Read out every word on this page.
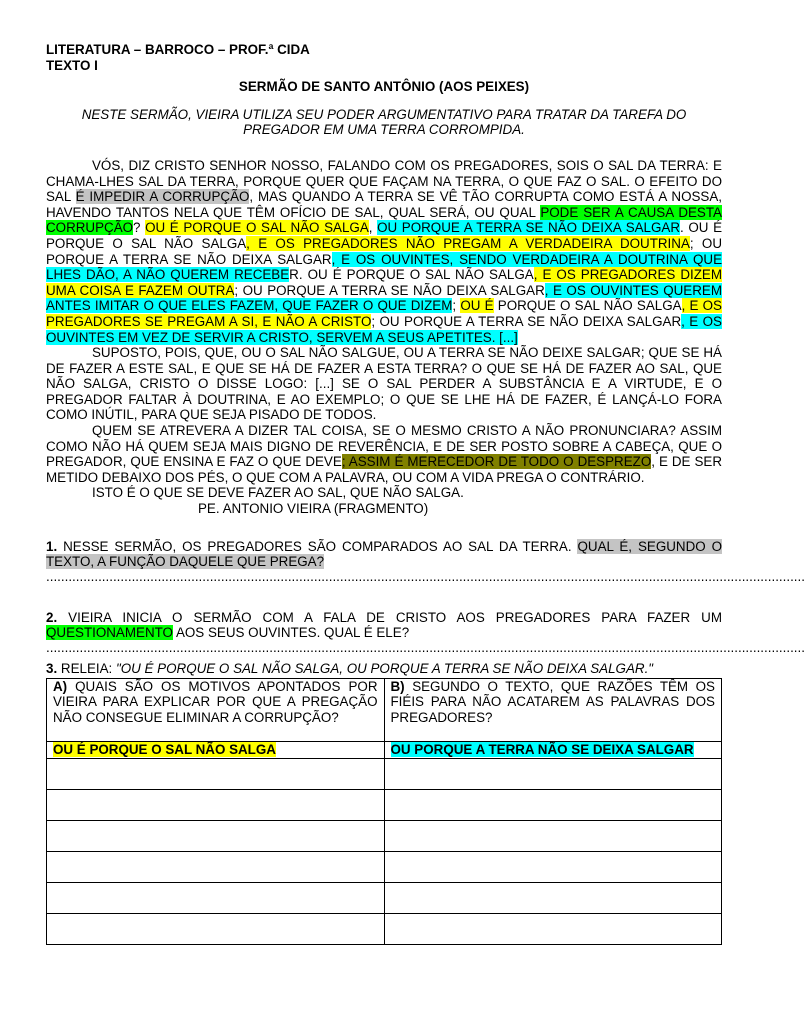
LITERATURA – BARROCO – PROF.ª CIDA

TEXTO I

SERMÃO DE SANTO ANTÔNIO (AOS PEIXES)

NESTE SERMÃO, VIEIRA UTILIZA SEU PODER ARGUMENTATIVO PARA TRATAR DA TAREFA DO PREGADOR EM UMA TERRA CORROMPIDA.

VÓS, DIZ CRISTO SENHOR NOSSO, FALANDO COM OS PREGADORES, SOIS O SAL DA TERRA: E CHAMA-LHES SAL DA TERRA, PORQUE QUER QUE FAÇAM NA TERRA, O QUE FAZ O SAL. O EFEITO DO SAL É IMPEDIR A CORRUPÇÃO, MAS QUANDO A TERRA SE VÊ TÃO CORRUPTA COMO ESTÁ A NOSSA, HAVENDO TANTOS NELA QUE TÊM OFÍCIO DE SAL, QUAL SERÁ, OU QUAL PODE SER A CAUSA DESTA CORRUPÇÃO? OU É PORQUE O SAL NÃO SALGA, OU PORQUE A TERRA SE NÃO DEIXA SALGAR. OU É PORQUE O SAL NÃO SALGA, E OS PREGADORES NÃO PREGAM A VERDADEIRA DOUTRINA; OU PORQUE A TERRA SE NÃO DEIXA SALGAR, E OS OUVINTES, SENDO VERDADEIRA A DOUTRINA QUE LHES DÃO, A NÃO QUEREM RECEBER. OU É PORQUE O SAL NÃO SALGA, E OS PREGADORES DIZEM UMA COISA E FAZEM OUTRA; OU PORQUE A TERRA SE NÃO DEIXA SALGAR, E OS OUVINTES QUEREM ANTES IMITAR O QUE ELES FAZEM, QUE FAZER O QUE DIZEM; OU É PORQUE O SAL NÃO SALGA, E OS PREGADORES SE PREGAM A SI, E NÃO A CRISTO; OU PORQUE A TERRA SE NÃO DEIXA SALGAR, E OS OUVINTES EM VEZ DE SERVIR A CRISTO, SERVEM A SEUS APETITES. [...]

SUPOSTO, POIS, QUE, OU O SAL NÃO SALGUE, OU A TERRA SE NÃO DEIXE SALGAR; QUE SE HÁ DE FAZER A ESTE SAL, E QUE SE HÁ DE FAZER A ESTA TERRA? O QUE SE HÁ DE FAZER AO SAL, QUE NÃO SALGA, CRISTO O DISSE LOGO: [...] SE O SAL PERDER A SUBSTÂNCIA E A VIRTUDE, E O PREGADOR FALTAR À DOUTRINA, E AO EXEMPLO; O QUE SE LHE HÁ DE FAZER, É LANÇÁ-LO FORA COMO INÚTIL, PARA QUE SEJA PISADO DE TODOS.

QUEM SE ATREVERA A DIZER TAL COISA, SE O MESMO CRISTO A NÃO PRONUNCIARA? ASSIM COMO NÃO HÁ QUEM SEJA MAIS DIGNO DE REVERÊNCIA, E DE SER POSTO SOBRE A CABEÇA, QUE O PREGADOR, QUE ENSINA E FAZ O QUE DEVE; ASSIM É MERECEDOR DE TODO O DESPREZO, E DE SER METIDO DEBAIXO DOS PÉS, O QUE COM A PALAVRA, OU COM A VIDA PREGA O CONTRÁRIO.

ISTO É O QUE SE DEVE FAZER AO SAL, QUE NÃO SALGA.

PE. ANTONIO VIEIRA (FRAGMENTO)

1. NESSE SERMÃO, OS PREGADORES SÃO COMPARADOS AO SAL DA TERRA. QUAL É, SEGUNDO O TEXTO, A FUNÇÃO DAQUELE QUE PREGA?
............................................................................................................................................................................................................
2. VIEIRA INICIA O SERMÃO COM A FALA DE CRISTO AOS PREGADORES PARA FAZER UM QUESTIONAMENTO AOS SEUS OUVINTES. QUAL É ELE?
............................................................................................................................................................................................................
3. RELEIA: "OU É PORQUE O SAL NÃO SALGA, OU PORQUE A TERRA SE NÃO DEIXA SALGAR."
A) QUAIS SÃO OS MOTIVOS APONTADOS POR VIEIRA PARA EXPLICAR POR QUE A PREGAÇÃO NÃO CONSEGUE ELIMINAR A CORRUPÇÃO?	B) SEGUNDO O TEXTO, QUE RAZÕES TÊM OS FIÉIS PARA NÃO ACATAREM AS PALAVRAS DOS PREGADORES?
OU É PORQUE O SAL NÃO SALGA	OU PORQUE A TERRA NÃO SE DEIXA SALGAR
